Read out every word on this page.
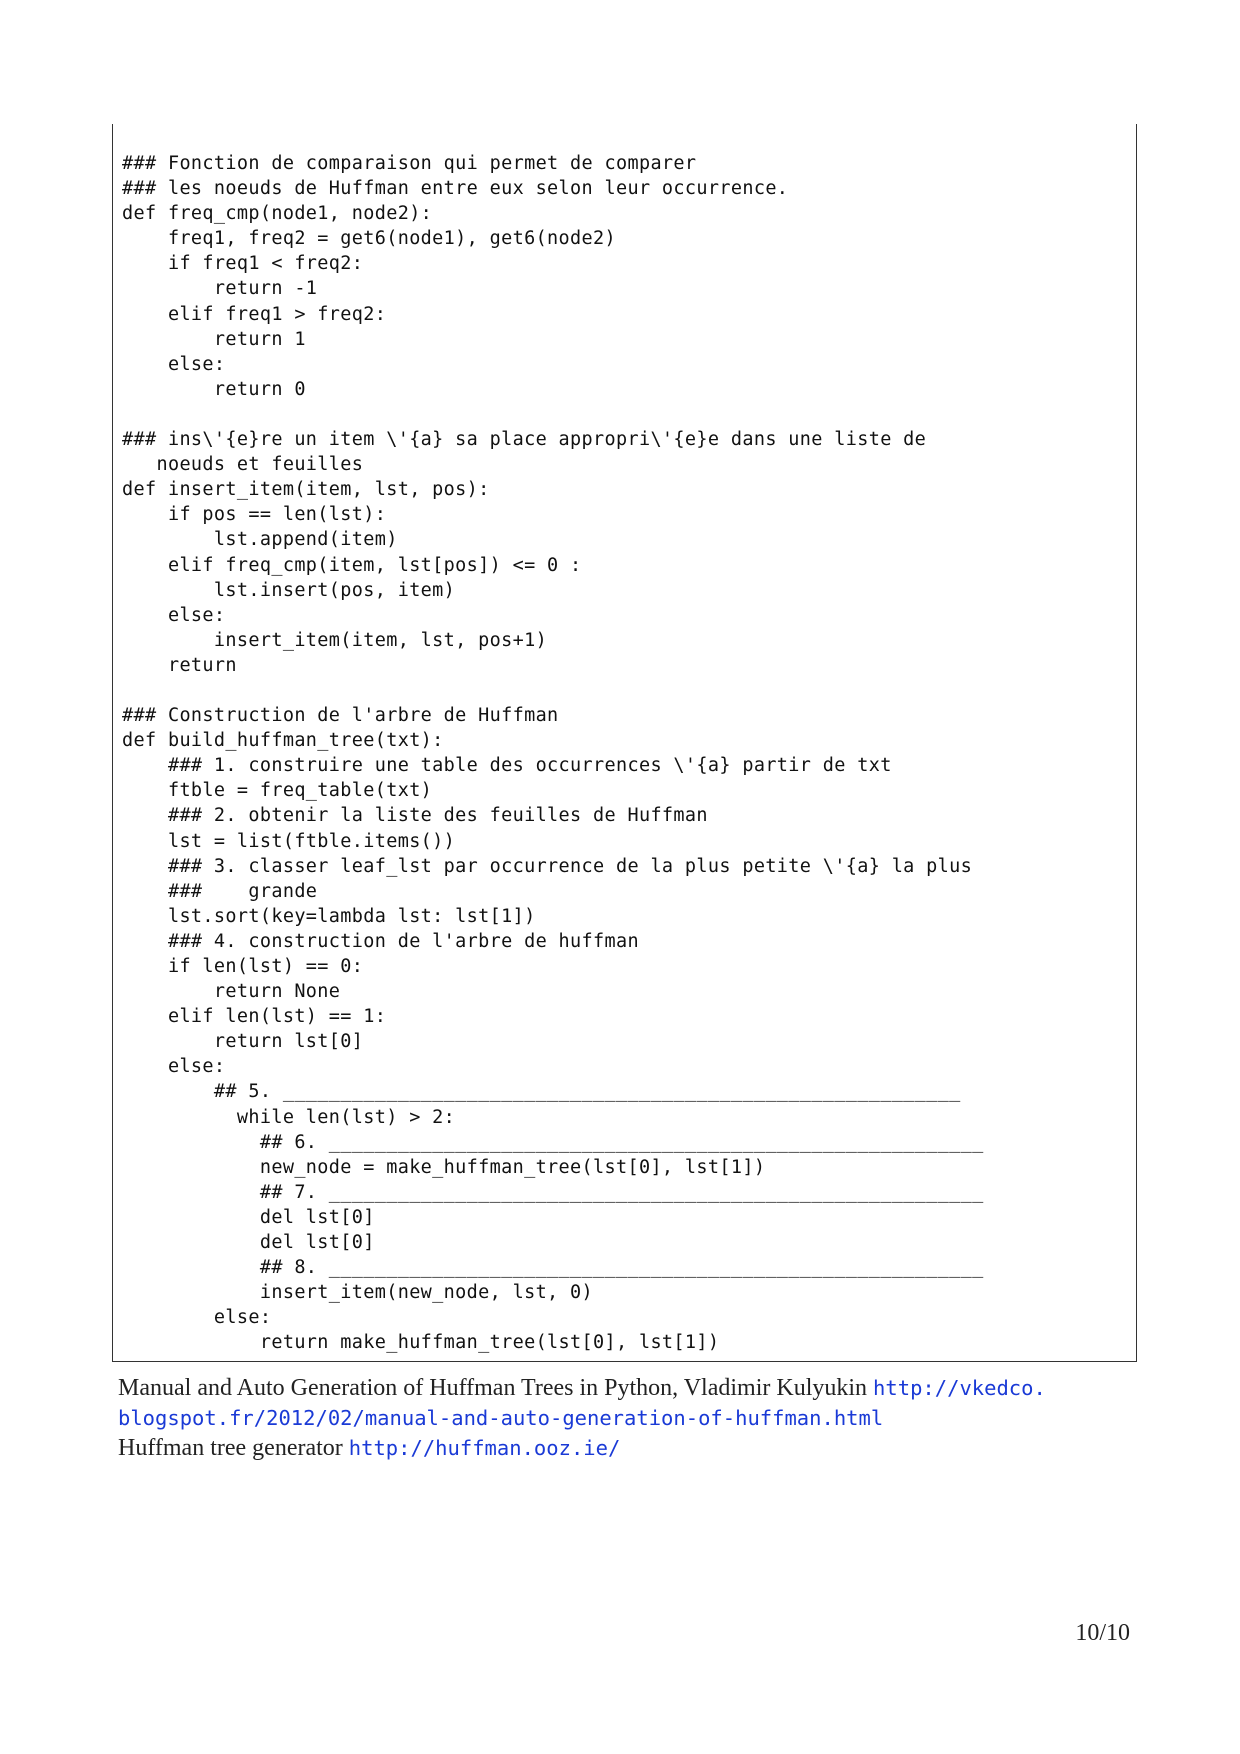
### Fonction de comparaison qui permet de comparer
### les noeuds de Huffman entre eux selon leur occurrence.
def freq_cmp(node1, node2):
freq1, freq2 = get6(node1), get6(node2)
if freq1 < freq2:
return -1
elif freq1 > freq2:
return 1
else:
return 0
### ins\'{e}re un item \'{a} sa place appropri\'{e}e dans une liste de
noeuds et feuilles
def insert_item(item, lst, pos):
if pos == len(lst):
lst.append(item)
elif freq_cmp(item, lst[pos]) <= 0 :
lst.insert(pos, item)
else:
insert_item(item, lst, pos+1)
return
### Construction de l'arbre de Huffman
def build_huffman_tree(txt):
### 1. construire une table des occurrences \'{a} partir de txt
ftble = freq_table(txt)
### 2. obtenir la liste des feuilles de Huffman
lst = list(ftble.items())
### 3. classer leaf_lst par occurrence de la plus petite \'{a} la plus
###    grande
lst.sort(key=lambda lst: lst[1])
### 4. construction de l'arbre de huffman
if len(lst) == 0:
return None
elif len(lst) == 1:
return lst[0]
else:
## 5. ___________________________________________________________
while len(lst) > 2:
## 6. _________________________________________________________
new_node = make_huffman_tree(lst[0], lst[1])
## 7. _________________________________________________________
del lst[0]
del lst[0]
## 8. _________________________________________________________
insert_item(new_node, lst, 0)
else:
return make_huffman_tree(lst[0], lst[1])
Manual and Auto Generation of Huffman Trees in Python, Vladimir Kulyukin http://vkedco.
blogspot.fr/2012/02/manual-and-auto-generation-of-huffman.html
Huffman tree generator http://huffman.ooz.ie/
10/10
